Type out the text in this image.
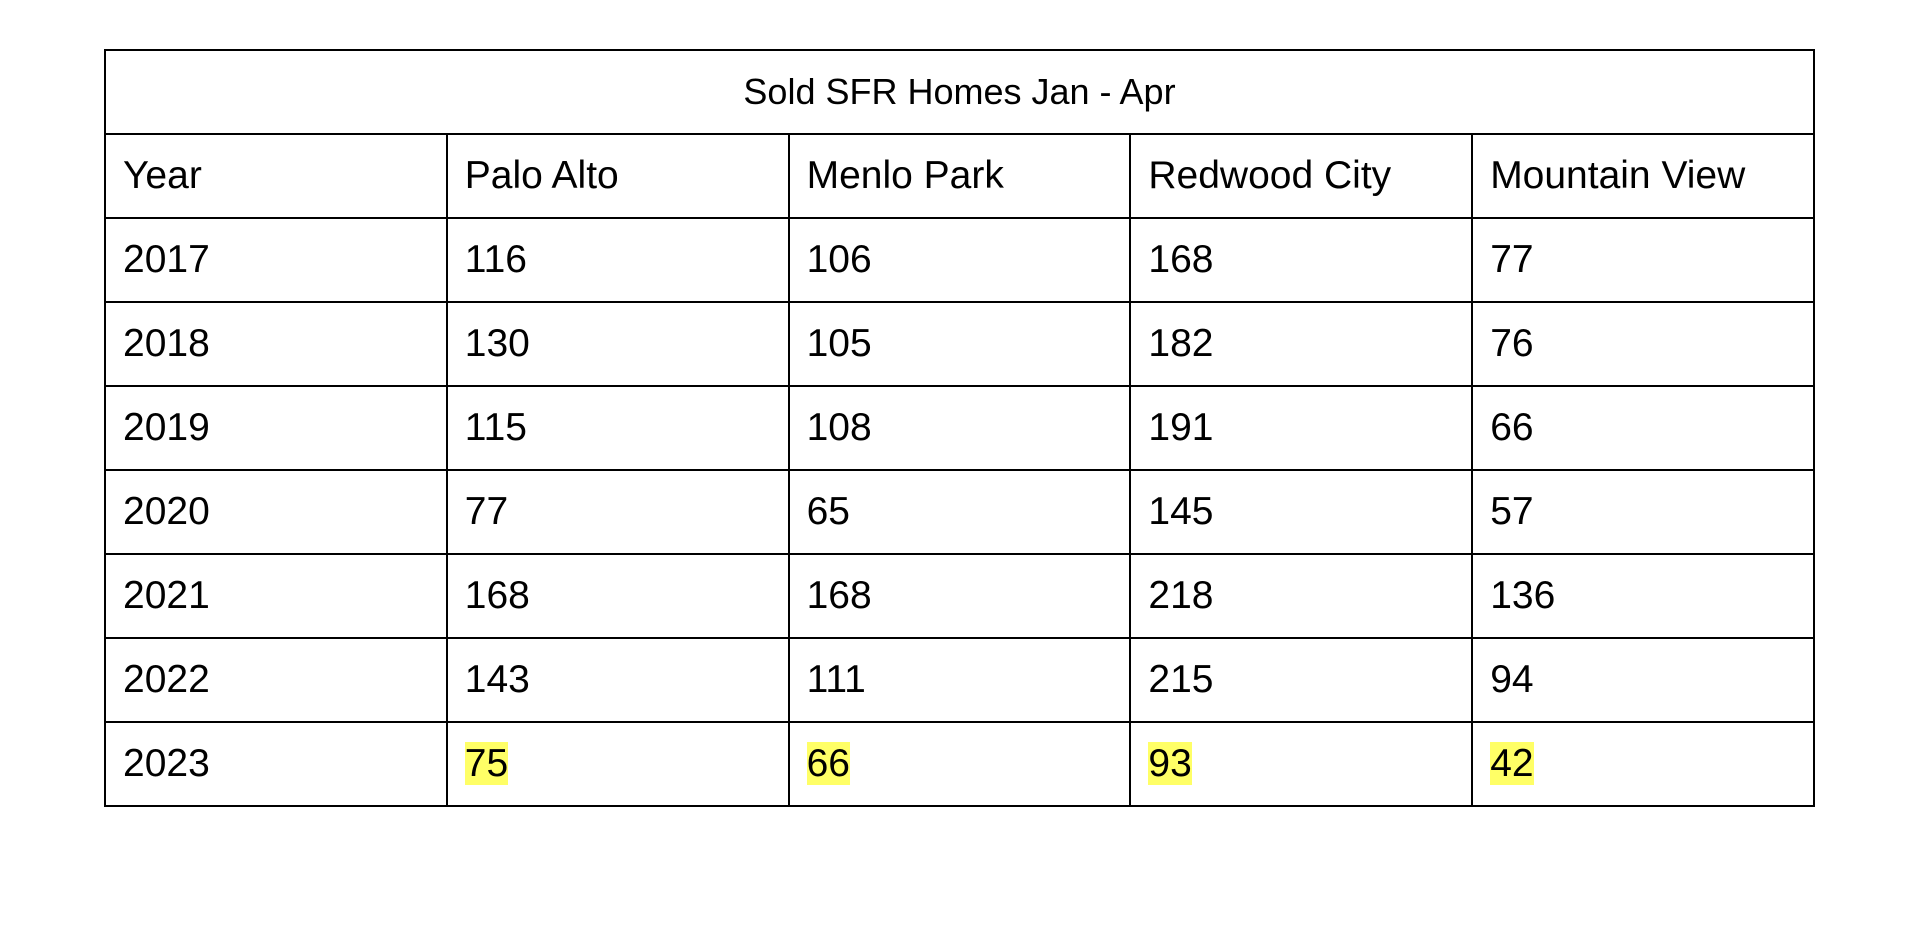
Sold SFR Homes Jan - Apr				
Year	Palo Alto	Menlo Park	Redwood City	Mountain View
2017	116	106	168	77
2018	130	105	182	76
2019	115	108	191	66
2020	77	65	145	57
2021	168	168	218	136
2022	143	111	215	94
2023	75	66	93	42
